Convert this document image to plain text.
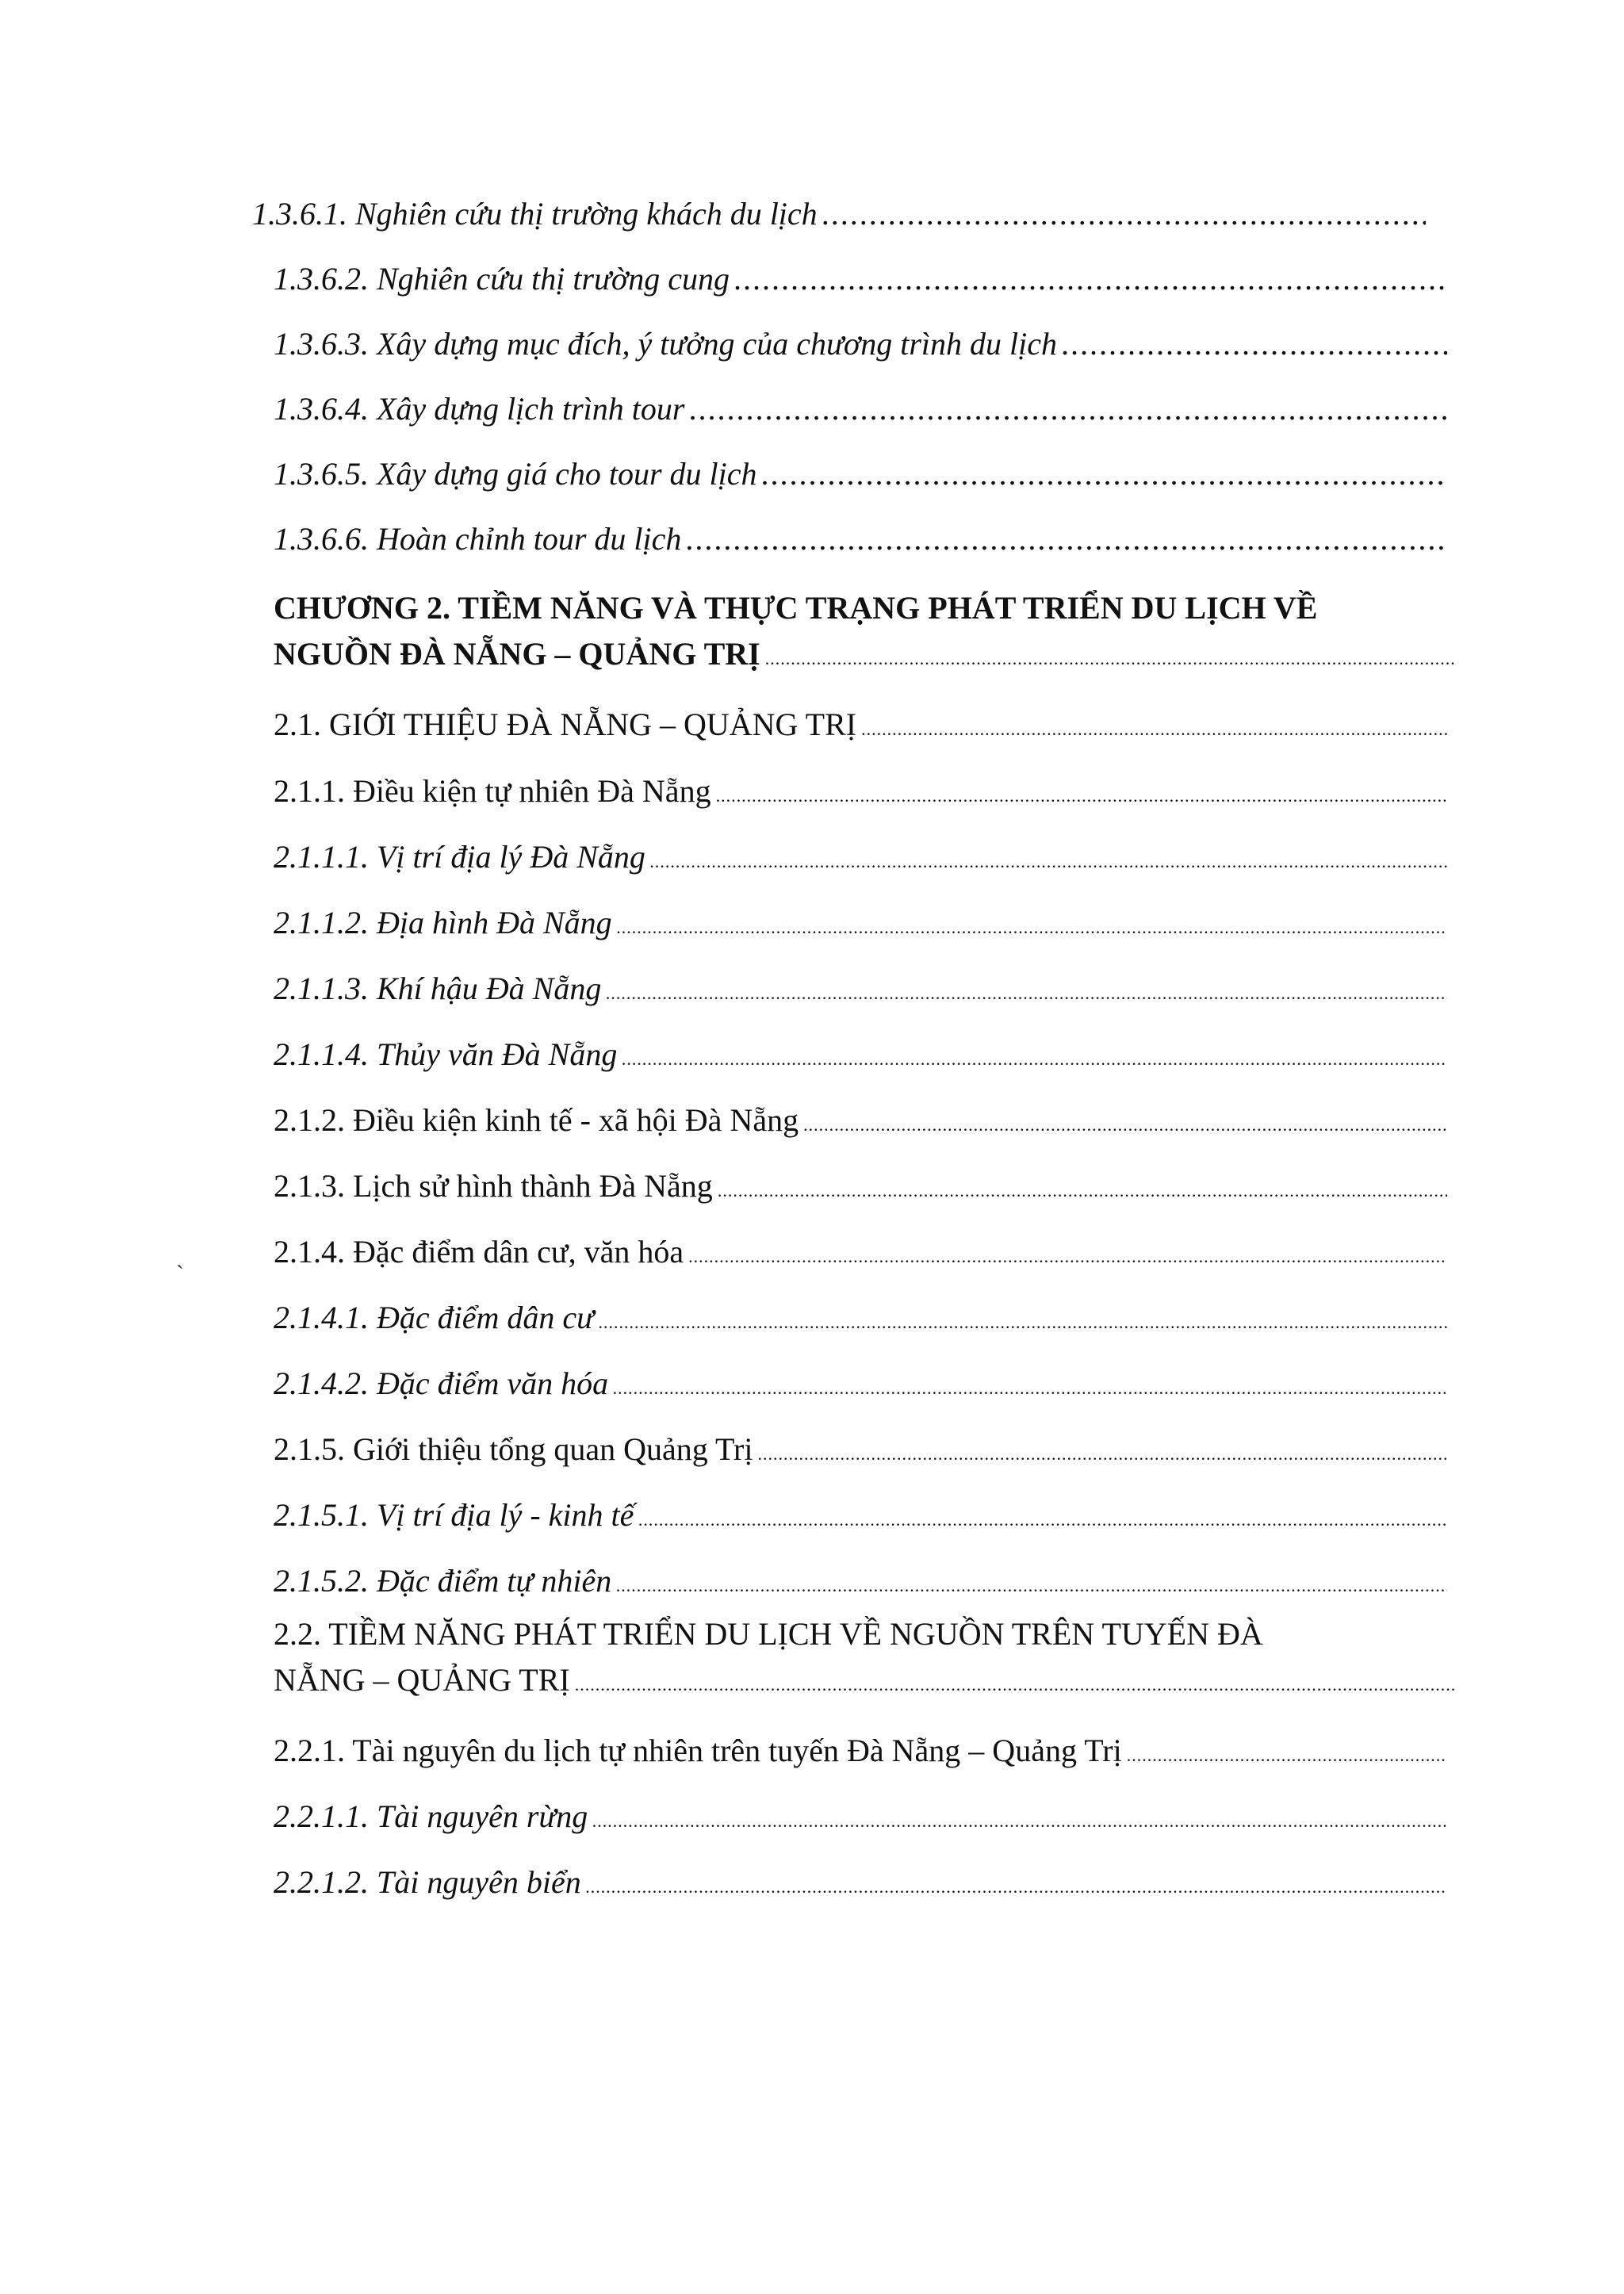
1.3.6.1. Nghiên cứu thị trường khách du lịch
.....
1.3.6.2. Nghiên cứu thị trường cung
.....
1.3.6.3. Xây dựng mục đích, ý tưởng của chương trình du lịch
.....
1.3.6.4. Xây dựng lịch trình tour
.....
1.3.6.5. Xây dựng giá cho tour du lịch
.....
1.3.6.6. Hoàn chỉnh tour du lịch
.....
CHƯƠNG 2. TIỀM NĂNG VÀ THỰC TRẠNG PHÁT TRIỂN DU LỊCH VỀ
NGUỒN ĐÀ NẴNG – QUẢNG TRỊ
.....
2.1. GIỚI THIỆU ĐÀ NẴNG – QUẢNG TRỊ
.....
2.1.1. Điều kiện tự nhiên Đà Nẵng
.....
2.1.1.1. Vị trí địa lý Đà Nẵng
.....
2.1.1.2. Địa hình Đà Nẵng
.....
2.1.1.3. Khí hậu Đà Nẵng
.....
2.1.1.4. Thủy văn Đà Nẵng
.....
2.1.2. Điều kiện kinh tế - xã hội Đà Nẵng
.....
2.1.3. Lịch sử hình thành Đà Nẵng
.....
2.1.4. Đặc điểm dân cư, văn hóa
.....
2.1.4.1. Đặc điểm dân cư
.....
2.1.4.2. Đặc điểm văn hóa
.....
2.1.5. Giới thiệu tổng quan Quảng Trị
.....
2.1.5.1. Vị trí địa lý - kinh tế
.....
2.1.5.2. Đặc điểm tự nhiên
.....
2.2. TIỀM NĂNG PHÁT TRIỂN DU LỊCH VỀ NGUỒN TRÊN TUYẾN ĐÀ
NẴNG – QUẢNG TRỊ
.....
2.2.1. Tài nguyên du lịch tự nhiên trên tuyến Đà Nẵng – Quảng Trị
.....
2.2.1.1. Tài nguyên rừng
.....
2.2.1.2. Tài nguyên biển
.....
`
